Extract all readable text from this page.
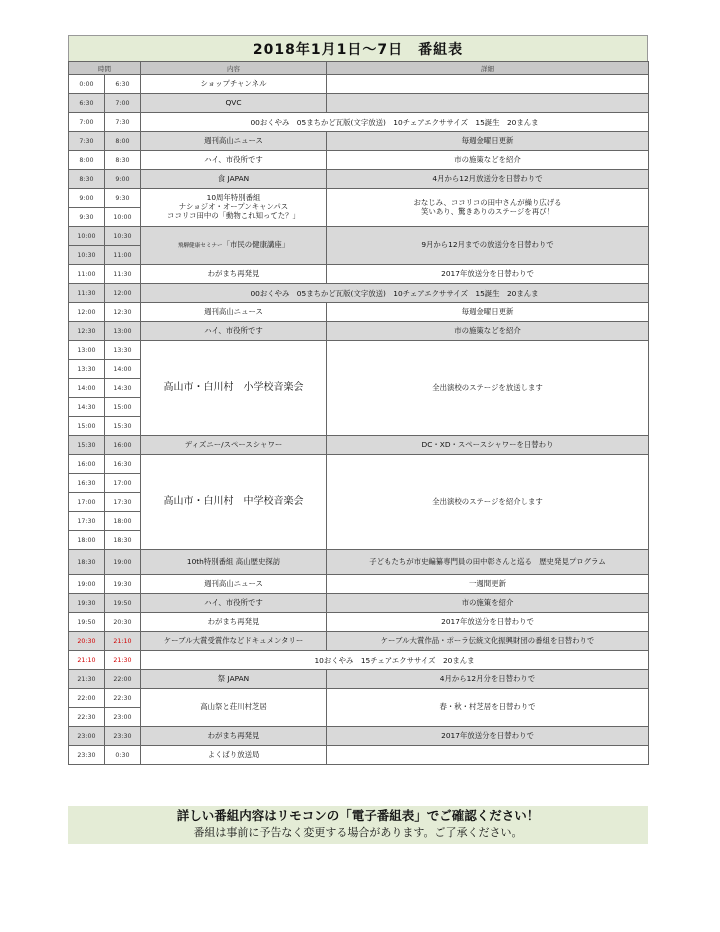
2018年1月1日～7日　番組表
時間		内容	詳細
0:00	6:30	ショップチャンネル	
6:30	7:00	QVC	
7:00	7:30	00おくやみ　05まちかど瓦版(文字放送)　10チェアエクササイズ　15誕生　20まんま	
7:30	8:00	週刊高山ニュース	毎週金曜日更新
8:00	8:30	ハイ、市役所です	市の施策などを紹介
8:30	9:00	食 JAPAN	4月から12月放送分を日替わりで
9:00	9:30	10周年特別番組
ナショジオ・オープンキャンパス
ココリコ田中の「動物これ知ってた？」	おなじみ、ココリコの田中さんが繰り広げる
笑いあり、驚きありのステージを再び！
9:30	10:00		
10:00	10:30	飛騨健康セミナー「市民の健康講座」	9月から12月までの放送分を日替わりで
10:30	11:00		
11:00	11:30	わがまち再発見	2017年放送分を日替わりで
11:30	12:00	00おくやみ　05まちかど瓦版(文字放送)　10チェアエクササイズ　15誕生　20まんま	
12:00	12:30	週刊高山ニュース	毎週金曜日更新
12:30	13:00	ハイ、市役所です	市の施策などを紹介
13:00	13:30	高山市・白川村　小学校音楽会	全出演校のステージを放送します
13:30	14:00		
14:00	14:30		
14:30	15:00		
15:00	15:30		
15:30	16:00	ディズニー/スペースシャワー	DC・XD・スペースシャワーを日替わり
16:00	16:30	高山市・白川村　中学校音楽会	全出演校のステージを紹介します
16:30	17:00		
17:00	17:30		
17:30	18:00		
18:00	18:30		
18:30	19:00	10th特別番組 高山歴史探訪	子どもたちが市史編纂専門員の田中彰さんと巡る　歴史発見プログラム
19:00	19:30	週刊高山ニュース	一週間更新
19:30	19:50	ハイ、市役所です	市の施策を紹介
19:50	20:30	わがまち再発見	2017年放送分を日替わりで
20:30	21:10	ケーブル大賞受賞作などドキュメンタリー	ケーブル大賞作品・ポーラ伝統文化振興財団の番組を日替わりで
21:10	21:30	10おくやみ　15チェアエクササイズ　20まんま	
21:30	22:00	祭 JAPAN	4月から12月分を日替わりで
22:00	22:30	高山祭と荘川村芝居	春・秋・村芝居を日替わりで
22:30	23:00		
23:00	23:30	わがまち再発見	2017年放送分を日替わりで
23:30	0:30	よくばり放送局	
詳しい番組内容はリモコンの「電子番組表」でご確認ください！
番組は事前に予告なく変更する場合があります。ご了承ください。
